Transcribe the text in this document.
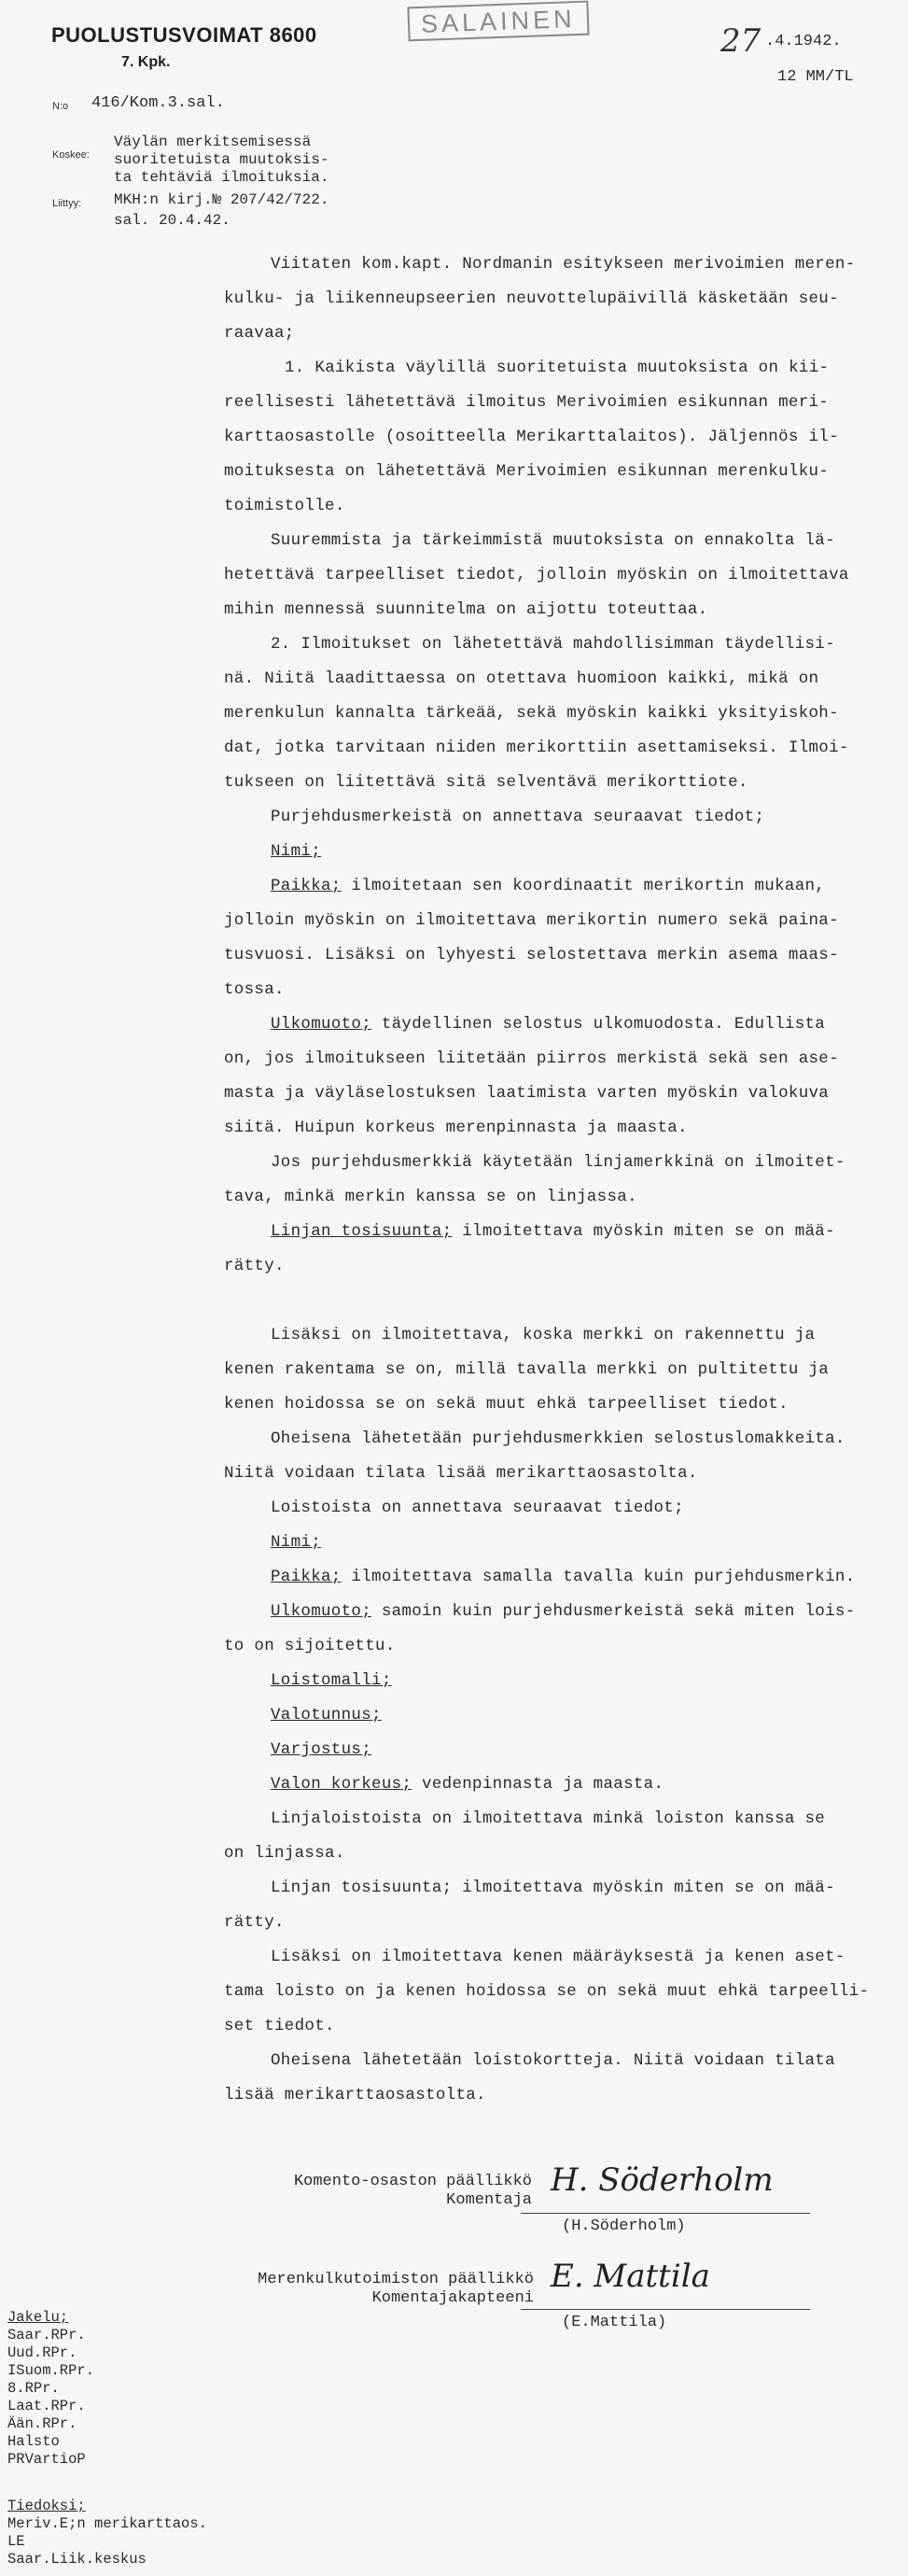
PUOLUSTUSVOIMAT 8600
7. Kpk.
SALAINEN
27 .4.1942.
12 MM/TL
N:o 416/Kom.3.sal.
Koskee:
Väylän merkitsemisessä
suoritetuista muutoksis-
ta tehtäviä ilmoituksia.
Liittyy: MKH:n kirj.№ 207/42/722.
sal. 20.4.42.
Viitaten kom.kapt. Nordmanin esitykseen merivoimien meren-
kulku- ja liikenneupseerien neuvottelupäivillä käsketään seu-
raavaa;
1. Kaikista väylillä suoritetuista muutoksista on kii-
reellisesti lähetettävä ilmoitus Merivoimien esikunnan meri-
karttaosastolle (osoitteella Merikarttalaitos). Jäljennös il-
moituksesta on lähetettävä Merivoimien esikunnan merenkulku-
toimistolle.
Suuremmista ja tärkeimmistä muutoksista on ennakolta lä-
hetettävä tarpeelliset tiedot, jolloin myöskin on ilmoitettava
mihin mennessä suunnitelma on aijottu toteuttaa.
2. Ilmoitukset on lähetettävä mahdollisimman täydellisi-
nä. Niitä laadittaessa on otettava huomioon kaikki, mikä on
merenkulun kannalta tärkeää, sekä myöskin kaikki yksityiskoh-
dat, jotka tarvitaan niiden merikorttiin asettamiseksi. Ilmoi-
tukseen on liitettävä sitä selventävä merikorttiote.
Purjehdusmerkeistä on annettava seuraavat tiedot;
Nimi;
Paikka; ilmoitetaan sen koordinaatit merikortin mukaan,
jolloin myöskin on ilmoitettava merikortin numero sekä paina-
tusvuosi. Lisäksi on lyhyesti selostettava merkin asema maas-
tossa.
Ulkomuoto; täydellinen selostus ulkomuodosta. Edullista
on, jos ilmoitukseen liitetään piirros merkistä sekä sen ase-
masta ja väyläselostuksen laatimista varten myöskin valokuva
siitä. Huipun korkeus merenpinnasta ja maasta.
Jos purjehdusmerkkiä käytetään linjamerkkinä on ilmoitet-
tava, minkä merkin kanssa se on linjassa.
Linjan tosisuunta; ilmoitettava myöskin miten se on mää-
rätty.
Lisäksi on ilmoitettava, koska merkki on rakennettu ja
kenen rakentama se on, millä tavalla merkki on pultitettu ja
kenen hoidossa se on sekä muut ehkä tarpeelliset tiedot.
Oheisena lähetetään purjehdusmerkkien selostuslomakkeita.
Niitä voidaan tilata lisää merikarttaosastolta.
Loistoista on annettava seuraavat tiedot;
Nimi;
Paikka; ilmoitettava samalla tavalla kuin purjehdusmerkin.
Ulkomuoto; samoin kuin purjehdusmerkeistä sekä miten lois-
to on sijoitettu.
Loistomalli;
Valotunnus;
Varjostus;
Valon korkeus; vedenpinnasta ja maasta.
Linjaloistoista on ilmoitettava minkä loiston kanssa se
on linjassa.
Linjan tosisuunta; ilmoitettava myöskin miten se on mää-
rätty.
Lisäksi on ilmoitettava kenen määräyksestä ja kenen aset-
tama loisto on ja kenen hoidossa se on sekä muut ehkä tarpeelli-
set tiedot.
Oheisena lähetetään loistokortteja. Niitä voidaan tilata
lisää merikarttaosastolta.
Komento-osaston päällikkö
Komentaja
H. Söderholm
(H.Söderholm)
Merenkulkutoimiston päällikkö
Komentajakapteeni
E. Mattila
(E.Mattila)
Jakelu;
Saar.RPr.
Uud.RPr.
ISuom.RPr.
8.RPr.
Laat.RPr.
Ään.RPr.
Halsto
PRVartioP
Tiedoksi;
Meriv.E;n merikarttaos.
LE
Saar.Liik.keskus
